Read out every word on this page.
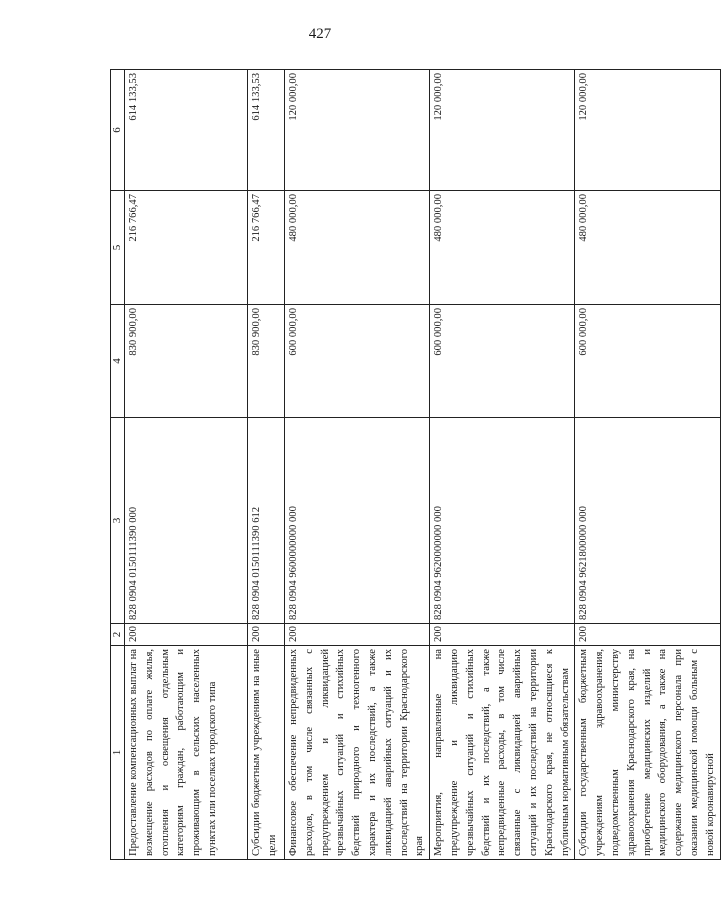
427
1	2	3	4	5	6
Предоставление компенсационных выплат на возмещение расходов по оплате жилья, отопления и освещения отдельным категориям граждан, работающим и проживающим в сельских населенных пунктах или поселках городского типа	200	828 0904 0150111390 000	830 900,00	216 766,47	614 133,53
Субсидии бюджетным учреждениям на иные цели	200	828 0904 0150111390 612	830 900,00	216 766,47	614 133,53
Финансовое обеспечение непредвиденных расходов, в том числе связанных с предупреждением и ликвидацией чрезвычайных ситуаций и стихийных бедствий природного и техногенного характера и их последствий, а также ликвидацией аварийных ситуаций и их последствий на территории Краснодарского края	200	828 0904 9600000000 000	600 000,00	480 000,00	120 000,00
Мероприятия, направленные на предупреждение и ликвидацию чрезвычайных ситуаций и стихийных бедствий и их последствий, а также непредвиденные расходы, в том числе связанные с ликвидацией аварийных ситуаций и их последствий на территории Краснодарского края, не относящиеся к публичным нормативным обязательствам	200	828 0904 9620000000 000	600 000,00	480 000,00	120 000,00
Субсидии государственным бюджетным учреждениям здравоохранения, подведомственным министерству здравоохранения Краснодарского края, на приобретение медицинских изделий и медицинского оборудования, а также на содержание медицинского персонала при оказании медицинской помощи больным с новой коронавирусной	200	828 0904 9621800000 000	600 000,00	480 000,00	120 000,00
